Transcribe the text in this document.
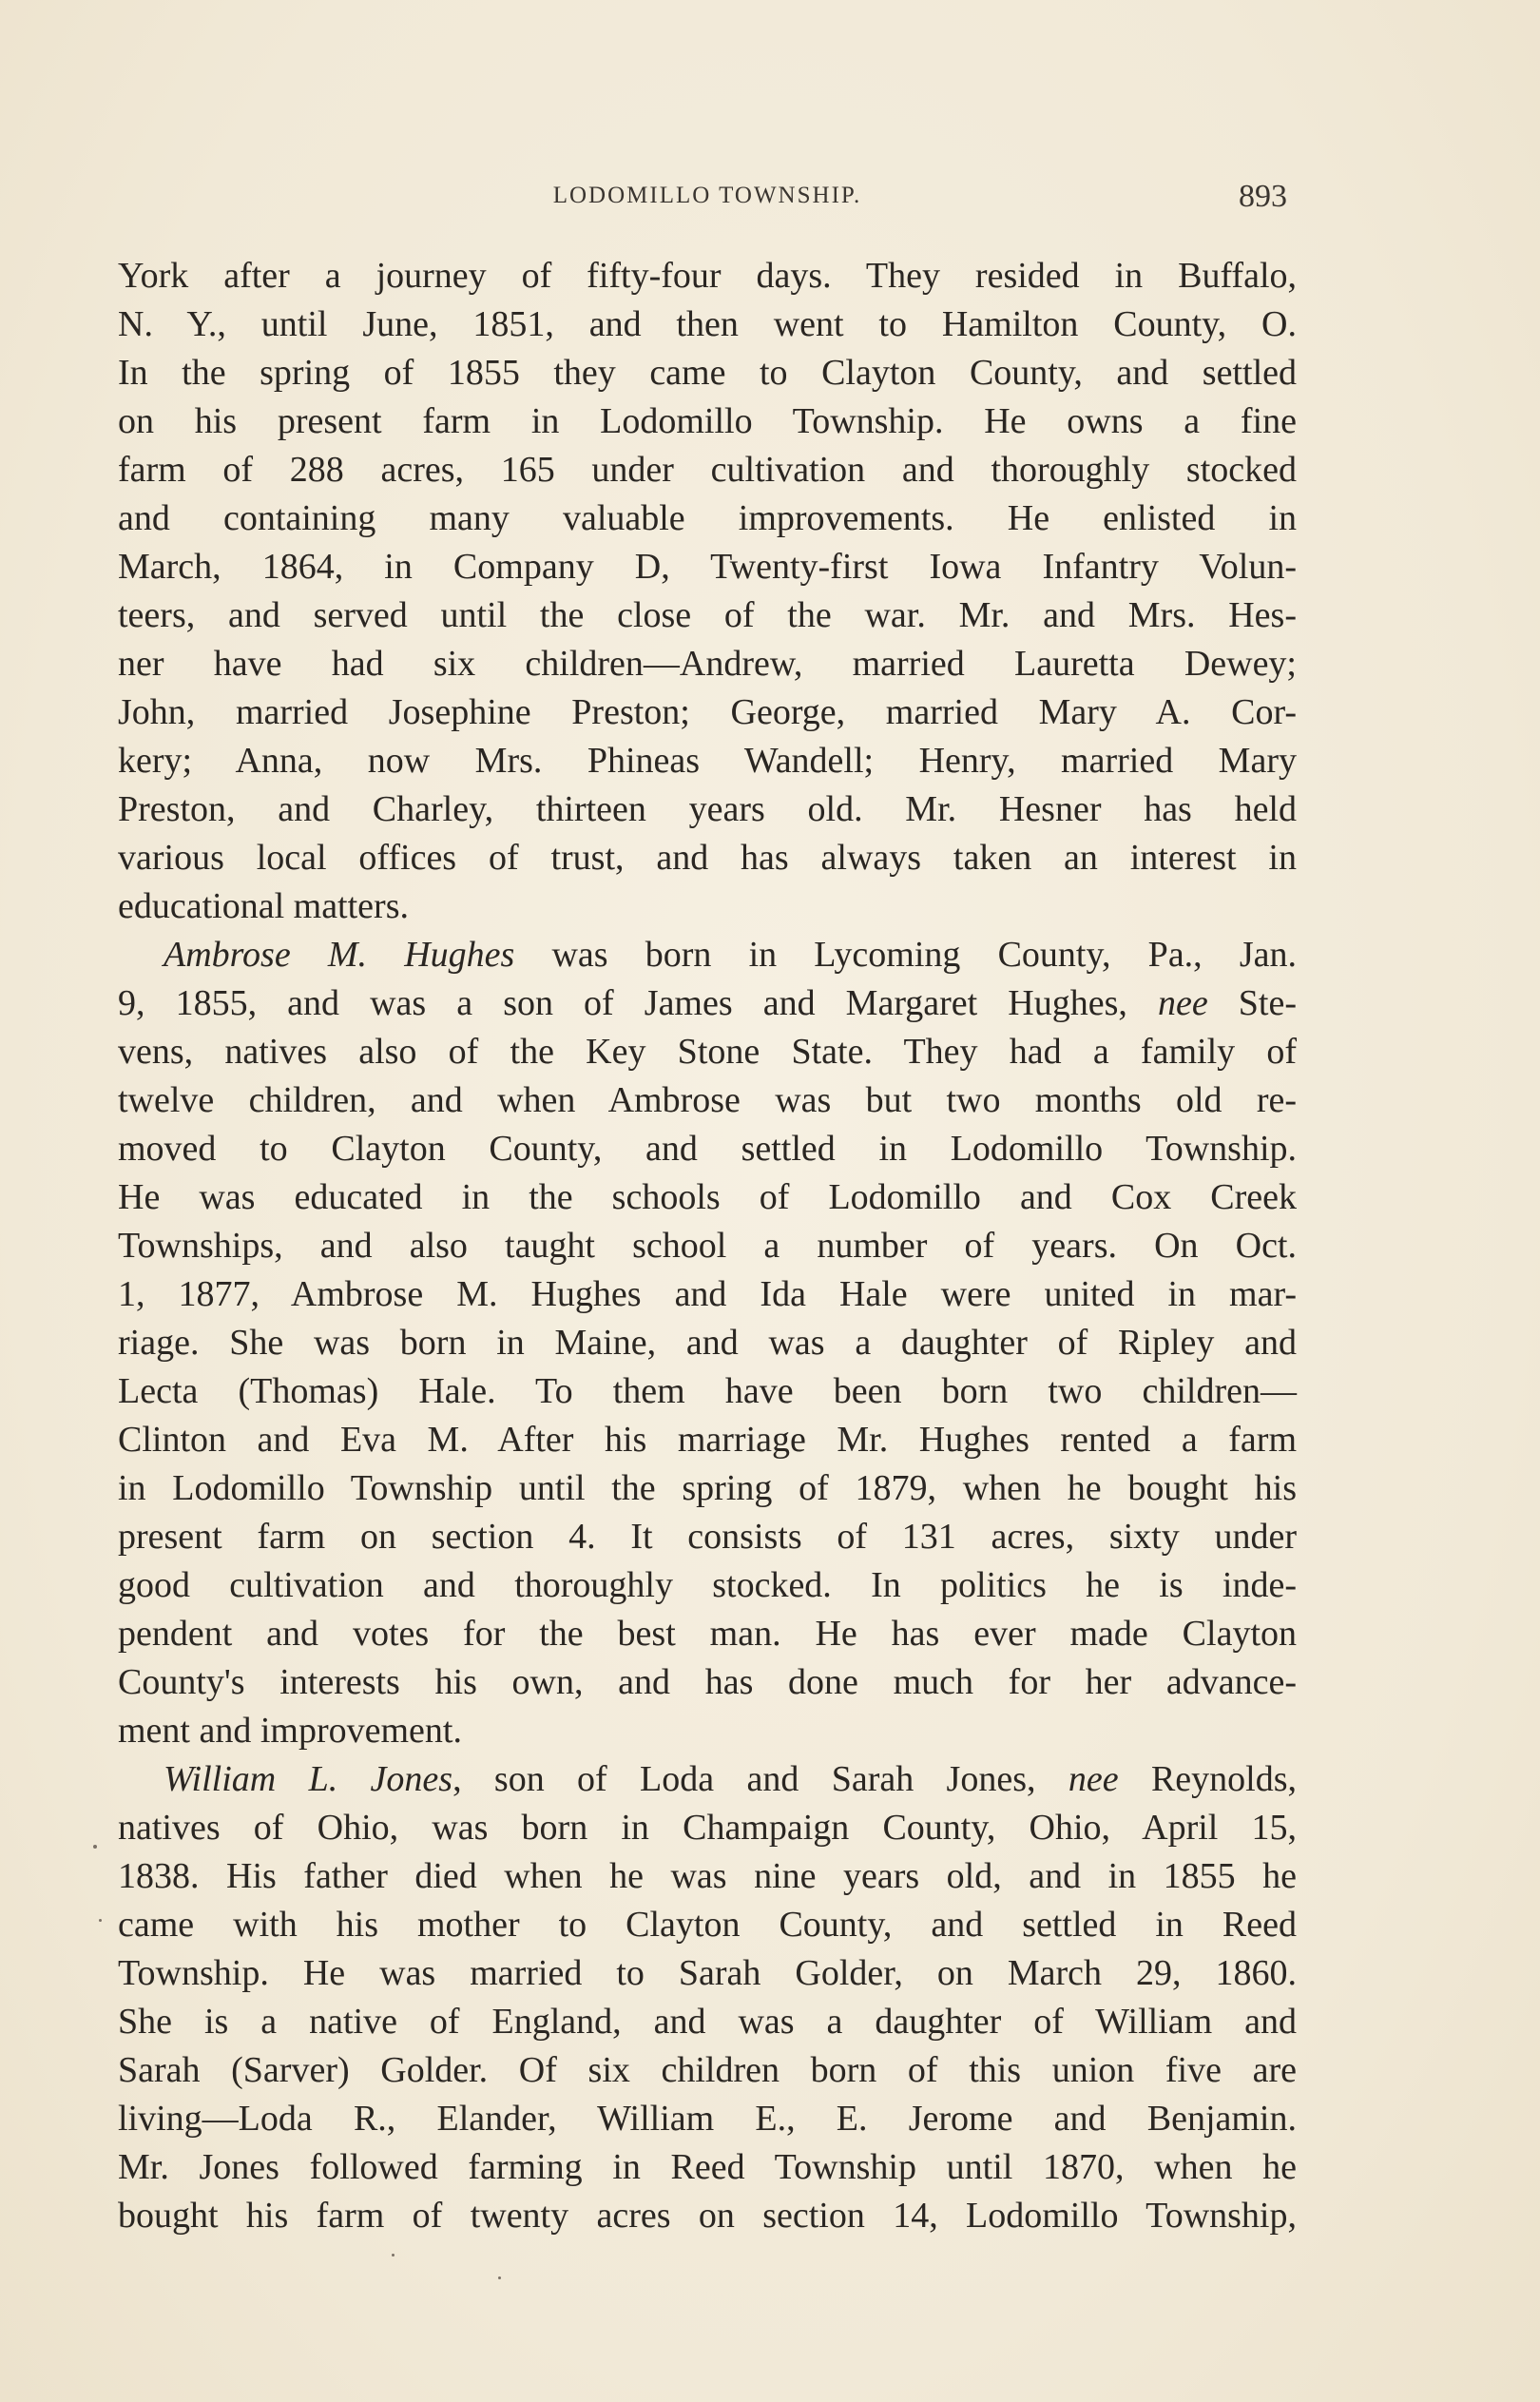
LODOMILLO TOWNSHIP.	893
York after a journey of fifty-four days. They resided in Buffalo,
N. Y., until June, 1851, and then went to Hamilton County, O.
In the spring of 1855 they came to Clayton County, and settled
on his present farm in Lodomillo Township. He owns a fine
farm of 288 acres, 165 under cultivation and thoroughly stocked
and containing many valuable improvements. He enlisted in
March, 1864, in Company D, Twenty-first Iowa Infantry Volun-
teers, and served until the close of the war. Mr. and Mrs. Hes-
ner have had six children—Andrew, married Lauretta Dewey;
John, married Josephine Preston; George, married Mary A. Cor-
kery; Anna, now Mrs. Phineas Wandell; Henry, married Mary
Preston, and Charley, thirteen years old. Mr. Hesner has held
various local offices of trust, and has always taken an interest in
educational matters.
Ambrose M. Hughes was born in Lycoming County, Pa., Jan.
9, 1855, and was a son of James and Margaret Hughes, nee Ste-
vens, natives also of the Key Stone State. They had a family of
twelve children, and when Ambrose was but two months old re-
moved to Clayton County, and settled in Lodomillo Township.
He was educated in the schools of Lodomillo and Cox Creek
Townships, and also taught school a number of years. On Oct.
1, 1877, Ambrose M. Hughes and Ida Hale were united in mar-
riage. She was born in Maine, and was a daughter of Ripley and
Lecta (Thomas) Hale. To them have been born two children—
Clinton and Eva M. After his marriage Mr. Hughes rented a farm
in Lodomillo Township until the spring of 1879, when he bought his
present farm on section 4. It consists of 131 acres, sixty under
good cultivation and thoroughly stocked. In politics he is inde-
pendent and votes for the best man. He has ever made Clayton
County's interests his own, and has done much for her advance-
ment and improvement.
William L. Jones, son of Loda and Sarah Jones, nee Reynolds,
natives of Ohio, was born in Champaign County, Ohio, April 15,
1838. His father died when he was nine years old, and in 1855 he
came with his mother to Clayton County, and settled in Reed
Township. He was married to Sarah Golder, on March 29, 1860.
She is a native of England, and was a daughter of William and
Sarah (Sarver) Golder. Of six children born of this union five are
living—Loda R., Elander, William E., E. Jerome and Benjamin.
Mr. Jones followed farming in Reed Township until 1870, when he
bought his farm of twenty acres on section 14, Lodomillo Township,
